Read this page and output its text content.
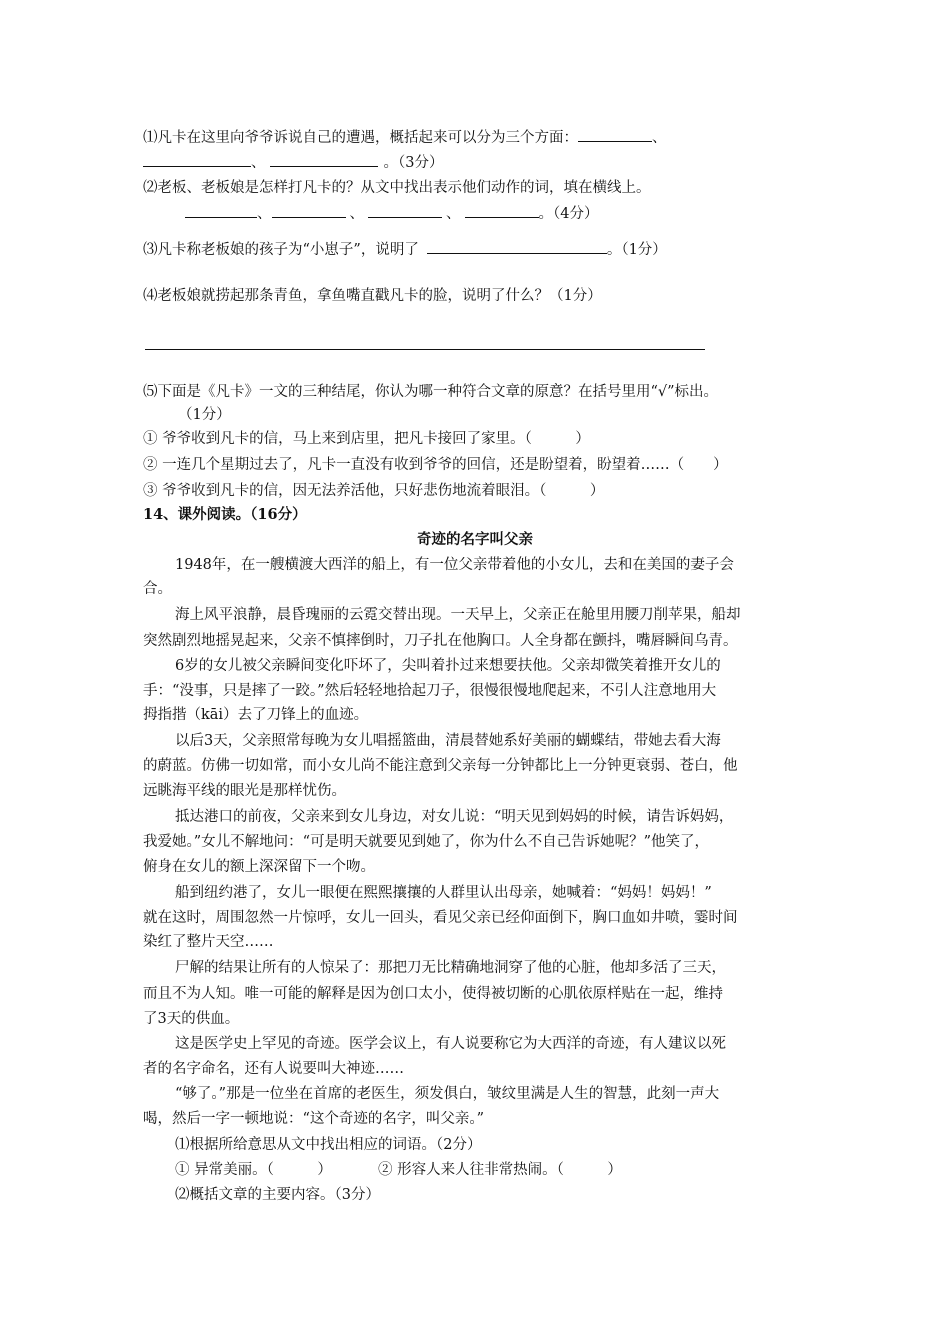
⑴凡卡在这里向爷爷诉说自己的遭遇，概括起来可以分为三个方面：	、
、	。（3分）
⑵老板、老板娘是怎样打凡卡的？从文中找出表示他们动作的词，填在横线上。
、	、	、	。（4分）
⑶凡卡称老板娘的孩子为“小崽子”，说明了	。（1分）
⑷老板娘就捞起那条青鱼，拿鱼嘴直戳凡卡的脸，说明了什么？（1分）
⑸下面是《凡卡》一文的三种结尾，你认为哪一种符合文章的原意？在括号里用“√”标出。
（1分）
① 爷爷收到凡卡的信，马上来到店里，把凡卡接回了家里。（　　　）
② 一连几个星期过去了，凡卡一直没有收到爷爷的回信，还是盼望着，盼望着……（　　）
③ 爷爷收到凡卡的信，因无法养活他，只好悲伤地流着眼泪。（　　　）
14、课外阅读。（16分）
奇迹的名字叫父亲
1948年，在一艘横渡大西洋的船上，有一位父亲带着他的小女儿，去和在美国的妻子会
合。
海上风平浪静，晨昏瑰丽的云霓交替出现。一天早上，父亲正在舱里用腰刀削苹果，船却
突然剧烈地摇晃起来，父亲不慎摔倒时，刀子扎在他胸口。人全身都在颤抖，嘴唇瞬间乌青。
6岁的女儿被父亲瞬间变化吓坏了，尖叫着扑过来想要扶他。父亲却微笑着推开女儿的
手：“没事，只是摔了一跤。”然后轻轻地拾起刀子，很慢很慢地爬起来，不引人注意地用大
拇指揩（kāi）去了刀锋上的血迹。
以后3天，父亲照常每晚为女儿唱摇篮曲，清晨替她系好美丽的蝴蝶结，带她去看大海
的蔚蓝。仿佛一切如常，而小女儿尚不能注意到父亲每一分钟都比上一分钟更衰弱、苍白，他
远眺海平线的眼光是那样忧伤。
抵达港口的前夜，父亲来到女儿身边，对女儿说：“明天见到妈妈的时候，请告诉妈妈，
我爱她。”女儿不解地问：“可是明天就要见到她了，你为什么不自己告诉她呢？”他笑了，
俯身在女儿的额上深深留下一个吻。
船到纽约港了，女儿一眼便在熙熙攘攘的人群里认出母亲，她喊着：“妈妈！妈妈！”
就在这时，周围忽然一片惊呼，女儿一回头，看见父亲已经仰面倒下，胸口血如井喷，霎时间
染红了整片天空……
尸解的结果让所有的人惊呆了：那把刀无比精确地洞穿了他的心脏，他却多活了三天，
而且不为人知。唯一可能的解释是因为创口太小，使得被切断的心肌依原样贴在一起，维持
了3天的供血。
这是医学史上罕见的奇迹。医学会议上，有人说要称它为大西洋的奇迹，有人建议以死
者的名字命名，还有人说要叫大神迹……
“够了。”那是一位坐在首席的老医生，须发俱白，皱纹里满是人生的智慧，此刻一声大
喝，然后一字一顿地说：“这个奇迹的名字，叫父亲。”
⑴根据所给意思从文中找出相应的词语。（2分）
① 异常美丽。（　　　）	② 形容人来人往非常热闹。（　　　）
⑵概括文章的主要内容。（3分）
